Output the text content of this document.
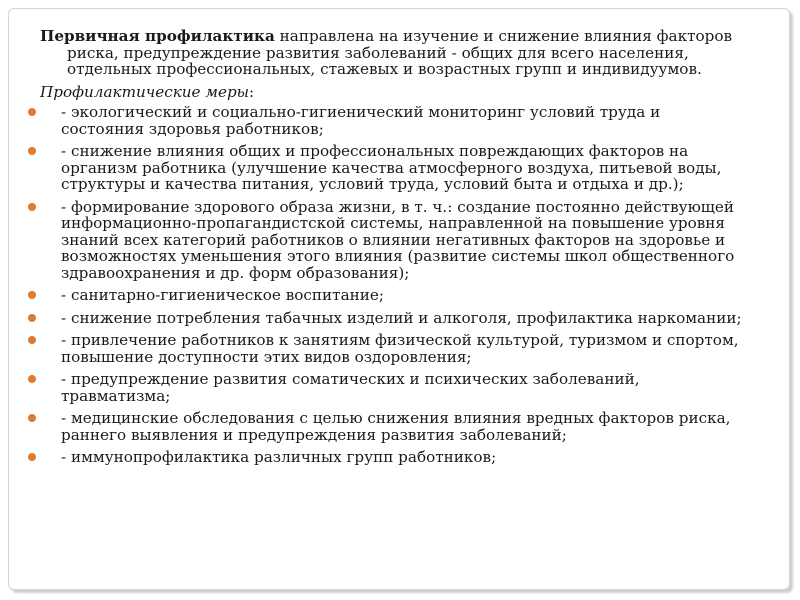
Первичная профилактика направлена на изучение и снижение влияния факторов риска, предупреждение развития заболеваний - общих для всего населения, отдельных профессиональных, стажевых и возрастных групп и индивидуумов.

Профилактические меры:

- экологический и социально-гигиенический мониторинг условий труда и состояния здоровья работников;
- снижение влияния общих и профессиональных повреждающих факторов на организм работника (улучшение качества атмосферного воздуха, питьевой воды, структуры и качества питания, условий труда, условий быта и отдыха и др.);
- формирование здорового образа жизни, в т. ч.: создание постоянно действующей информационно-пропагандистской системы, направленной на повышение уровня знаний всех категорий работников о влиянии негативных факторов на здоровье и возможностях уменьшения этого влияния (развитие системы школ общественного здравоохранения и др. форм образования);
- санитарно-гигиеническое воспитание;
- снижение потребления табачных изделий и алкоголя, профилактика наркомании;
- привлечение работников к занятиям физической культурой, туризмом и спортом, повышение доступности этих видов оздоровления;
- предупреждение развития соматических и психических заболеваний, травматизма;
- медицинские обследования с целью снижения влияния вредных факторов риска, раннего выявления и предупреждения развития заболеваний;
- иммунопрофилактика различных групп работников;
